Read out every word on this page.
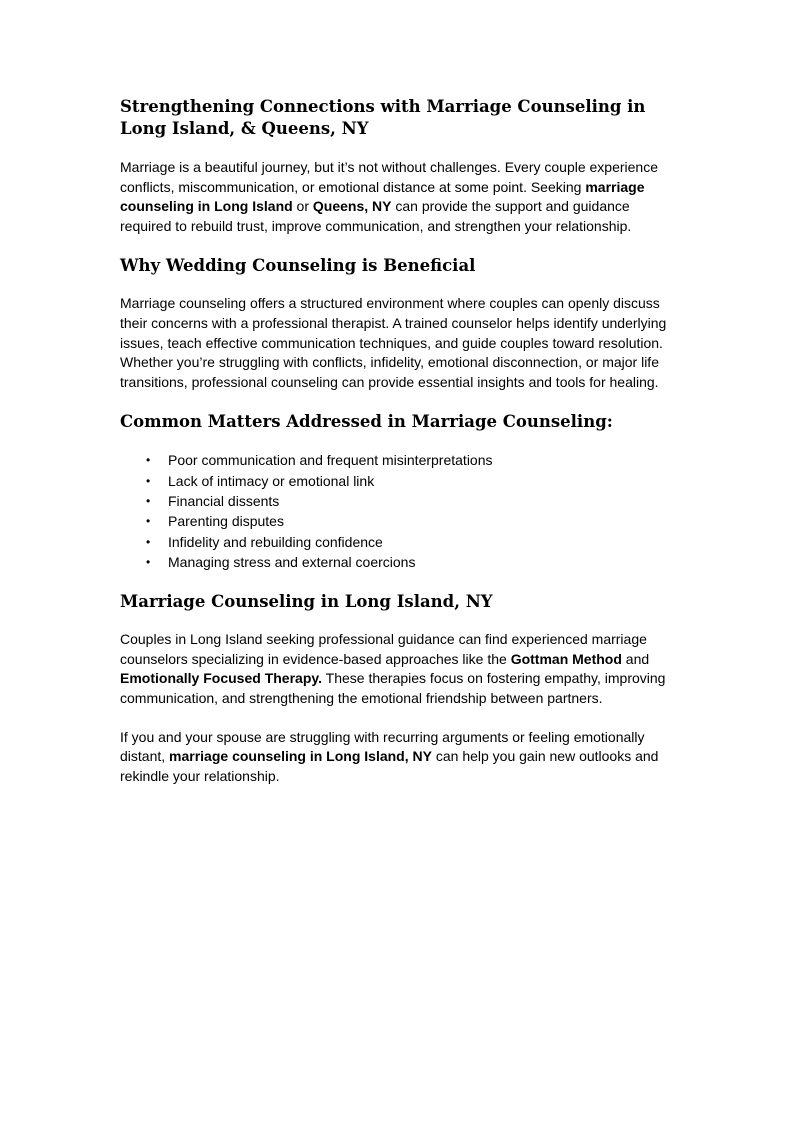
Strengthening Connections with Marriage Counseling in Long Island, & Queens, NY

Marriage is a beautiful journey, but it’s not without challenges. Every couple experience conflicts, miscommunication, or emotional distance at some point. Seeking marriage counseling in Long Island or Queens, NY can provide the support and guidance required to rebuild trust, improve communication, and strengthen your relationship.

Why Wedding Counseling is Beneficial

Marriage counseling offers a structured environment where couples can openly discuss their concerns with a professional therapist. A trained counselor helps identify underlying issues, teach effective communication techniques, and guide couples toward resolution. Whether you’re struggling with conflicts, infidelity, emotional disconnection, or major life transitions, professional counseling can provide essential insights and tools for healing.

Common Matters Addressed in Marriage Counseling:
• Poor communication and frequent misinterpretations
• Lack of intimacy or emotional link
• Financial dissents
• Parenting disputes
• Infidelity and rebuilding confidence
• Managing stress and external coercions
Marriage Counseling in Long Island, NY

Couples in Long Island seeking professional guidance can find experienced marriage counselors specializing in evidence-based approaches like the Gottman Method and Emotionally Focused Therapy. These therapies focus on fostering empathy, improving communication, and strengthening the emotional friendship between partners.

If you and your spouse are struggling with recurring arguments or feeling emotionally distant, marriage counseling in Long Island, NY can help you gain new outlooks and rekindle your relationship.
